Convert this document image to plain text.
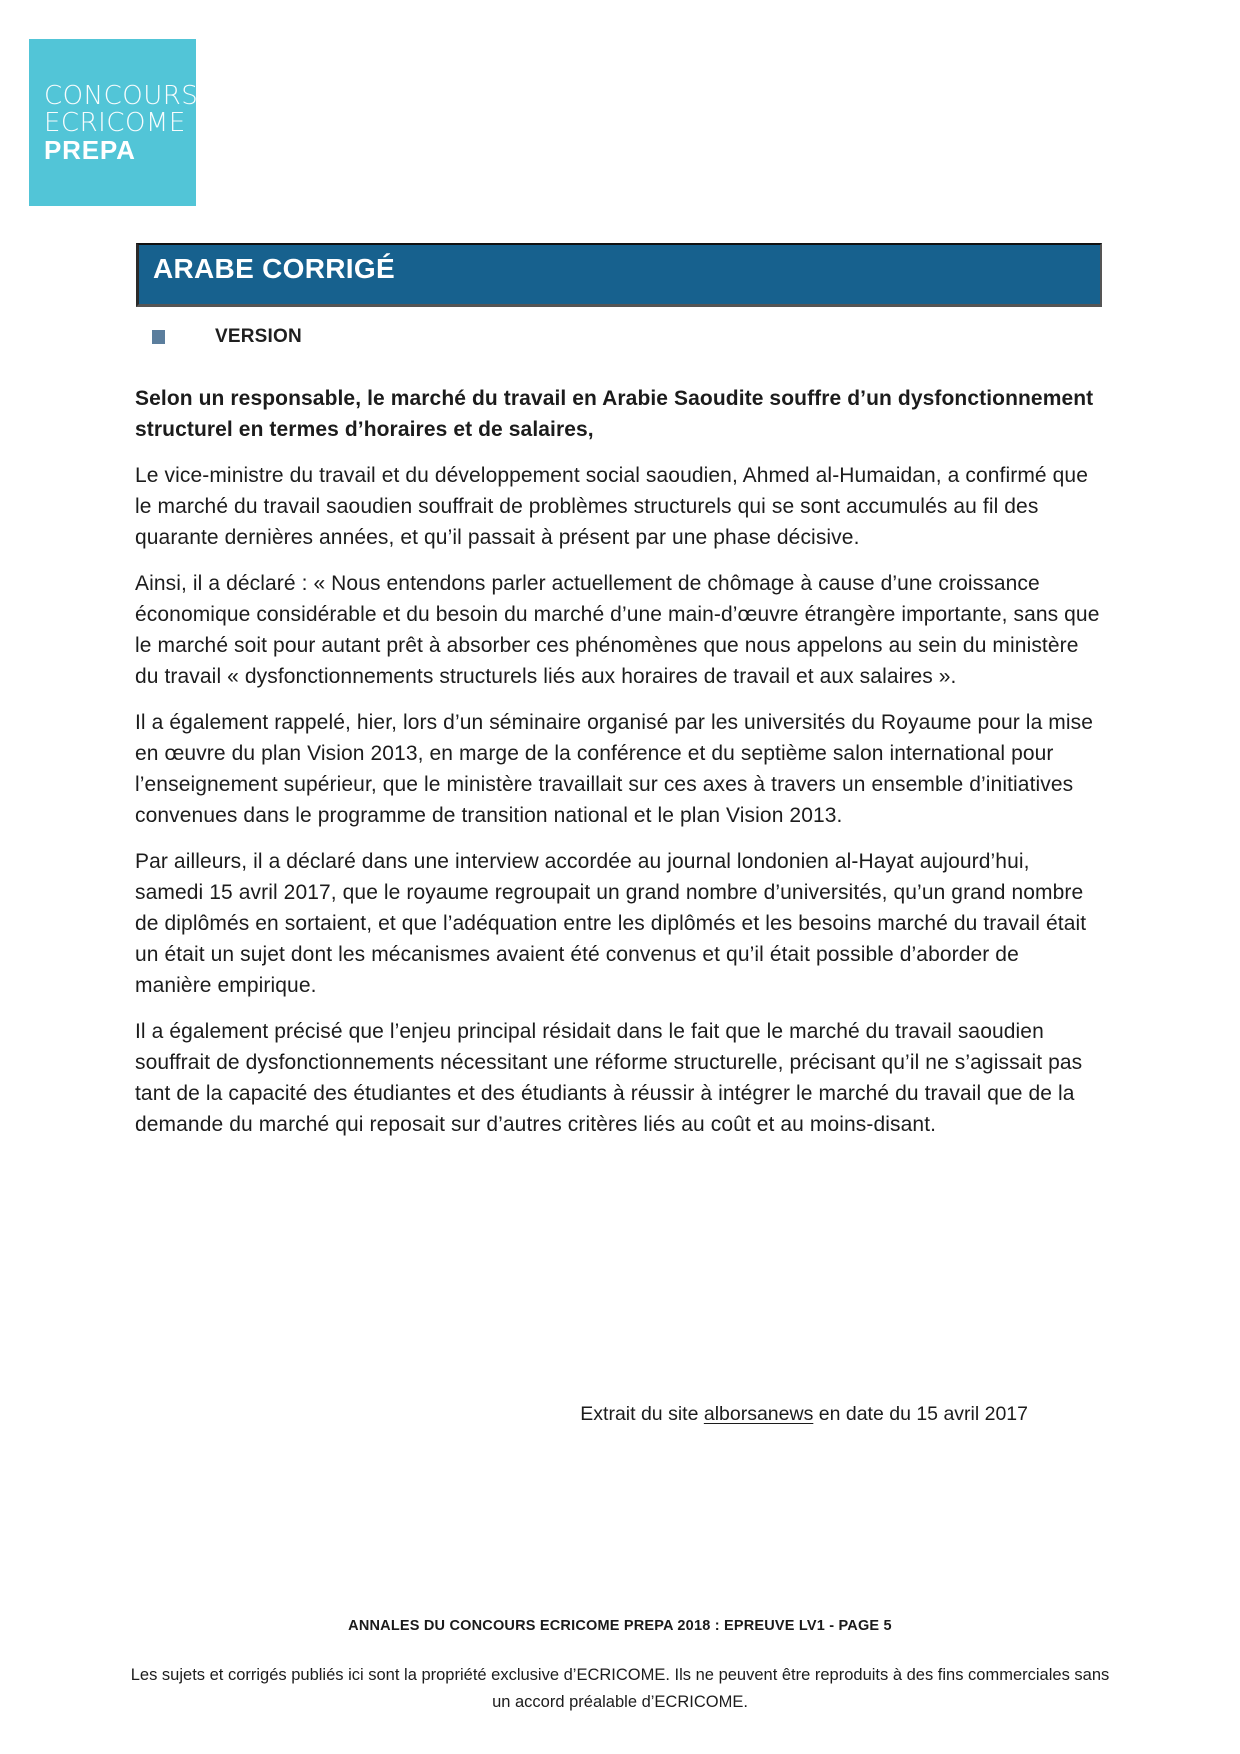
CONCOURS
ECRICOME
PREPA
ARABE CORRIGÉ
VERSION

Selon un responsable, le marché du travail en Arabie Saoudite souffre d’un dysfonctionnement structurel en termes d’horaires et de salaires,

Le vice-ministre du travail et du développement social saoudien, Ahmed al-Humaidan, a confirmé que le marché du travail saoudien souffrait de problèmes structurels qui se sont accumulés au fil des quarante dernières années, et qu’il passait à présent par une phase décisive.

Ainsi, il a déclaré : « Nous entendons parler actuellement de chômage à cause d’une croissance économique considérable et du besoin du marché d’une main-d’œuvre étrangère importante, sans que le marché soit pour autant prêt à absorber ces phénomènes que nous appelons au sein du ministère du travail « dysfonctionnements structurels liés aux horaires de travail et aux salaires ».

Il a également rappelé, hier, lors d’un séminaire organisé par les universités du Royaume pour la mise en œuvre du plan Vision 2013, en marge de la conférence et du septième salon international pour l’enseignement supérieur, que le ministère travaillait sur ces axes à travers un ensemble d’initiatives convenues dans le programme de transition national et le plan Vision 2013.

Par ailleurs, il a déclaré dans une interview accordée au journal londonien al-Hayat aujourd’hui, samedi 15 avril 2017, que le royaume regroupait un grand nombre d’universités, qu’un grand nombre de diplômés en sortaient, et que l’adéquation entre les diplômés et les besoins marché du travail était un était un sujet dont les mécanismes avaient été convenus et qu’il était possible d’aborder de manière empirique.

Il a également précisé que l’enjeu principal résidait dans le fait que le marché du travail saoudien souffrait de dysfonctionnements nécessitant une réforme structurelle, précisant qu’il ne s’agissait pas tant de la capacité des étudiantes et des étudiants à réussir à intégrer le marché du travail que de la demande du marché qui reposait sur d’autres critères liés au coût et au moins-disant.

Extrait du site alborsanews en date du 15 avril 2017
ANNALES DU CONCOURS ECRICOME PREPA 2018 : EPREUVE LV1 - PAGE 5
Les sujets et corrigés publiés ici sont la propriété exclusive d’ECRICOME. Ils ne peuvent être reproduits à des fins commerciales sans un accord préalable d’ECRICOME.
